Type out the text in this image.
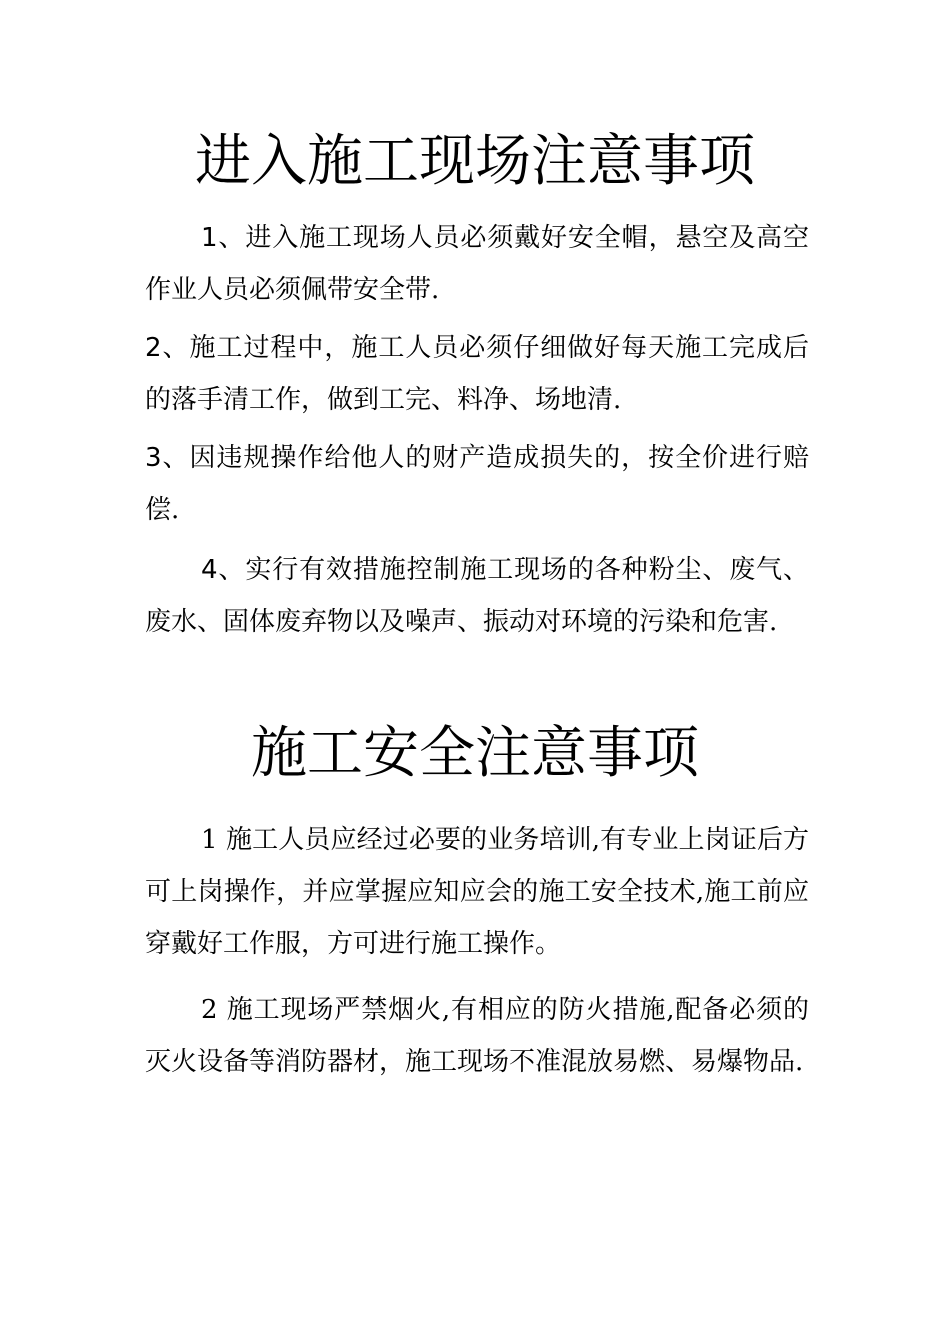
进入施工现场注意事项

1、进入施工现场人员必须戴好安全帽，悬空及高空作业人员必须佩带安全带.

2、施工过程中，施工人员必须仔细做好每天施工完成后的落手清工作，做到工完、料净、场地清.

3、因违规操作给他人的财产造成损失的，按全价进行赔偿.

4、实行有效措施控制施工现场的各种粉尘、废气、废水、固体废弃物以及噪声、振动对环境的污染和危害.

施工安全注意事项

1 施工人员应经过必要的业务培训,有专业上岗证后方可上岗操作，并应掌握应知应会的施工安全技术,施工前应穿戴好工作服，方可进行施工操作。

2 施工现场严禁烟火,有相应的防火措施,配备必须的灭火设备等消防器材，施工现场不准混放易燃、易爆物品.
